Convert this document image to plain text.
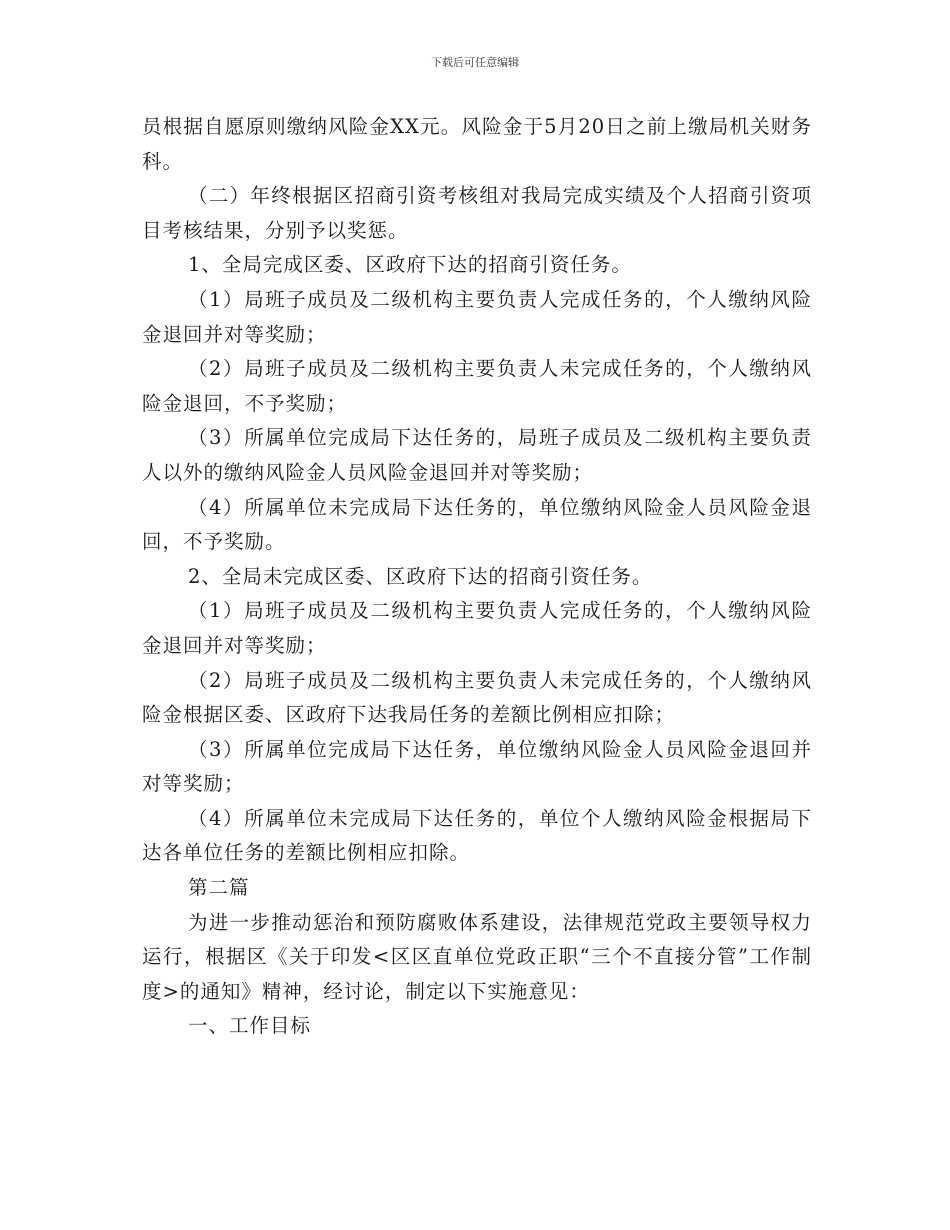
下载后可任意编辑

员根据自愿原则缴纳风险金XX元。风险金于5月20日之前上缴局机关财务科。

（二）年终根据区招商引资考核组对我局完成实绩及个人招商引资项目考核结果，分别予以奖惩。

1、全局完成区委、区政府下达的招商引资任务。

（1）局班子成员及二级机构主要负责人完成任务的，个人缴纳风险金退回并对等奖励；

（2）局班子成员及二级机构主要负责人未完成任务的，个人缴纳风险金退回，不予奖励；

（3）所属单位完成局下达任务的，局班子成员及二级机构主要负责人以外的缴纳风险金人员风险金退回并对等奖励；

（4）所属单位未完成局下达任务的，单位缴纳风险金人员风险金退回，不予奖励。

2、全局未完成区委、区政府下达的招商引资任务。

（1）局班子成员及二级机构主要负责人完成任务的，个人缴纳风险金退回并对等奖励；

（2）局班子成员及二级机构主要负责人未完成任务的，个人缴纳风险金根据区委、区政府下达我局任务的差额比例相应扣除；

（3）所属单位完成局下达任务，单位缴纳风险金人员风险金退回并对等奖励；

（4）所属单位未完成局下达任务的，单位个人缴纳风险金根据局下达各单位任务的差额比例相应扣除。

第二篇

为进一步推动惩治和预防腐败体系建设，法律规范党政主要领导权力运行，根据区《关于印发<区区直单位党政正职“三个不直接分管”工作制度>的通知》精神，经讨论，制定以下实施意见：

一、工作目标
